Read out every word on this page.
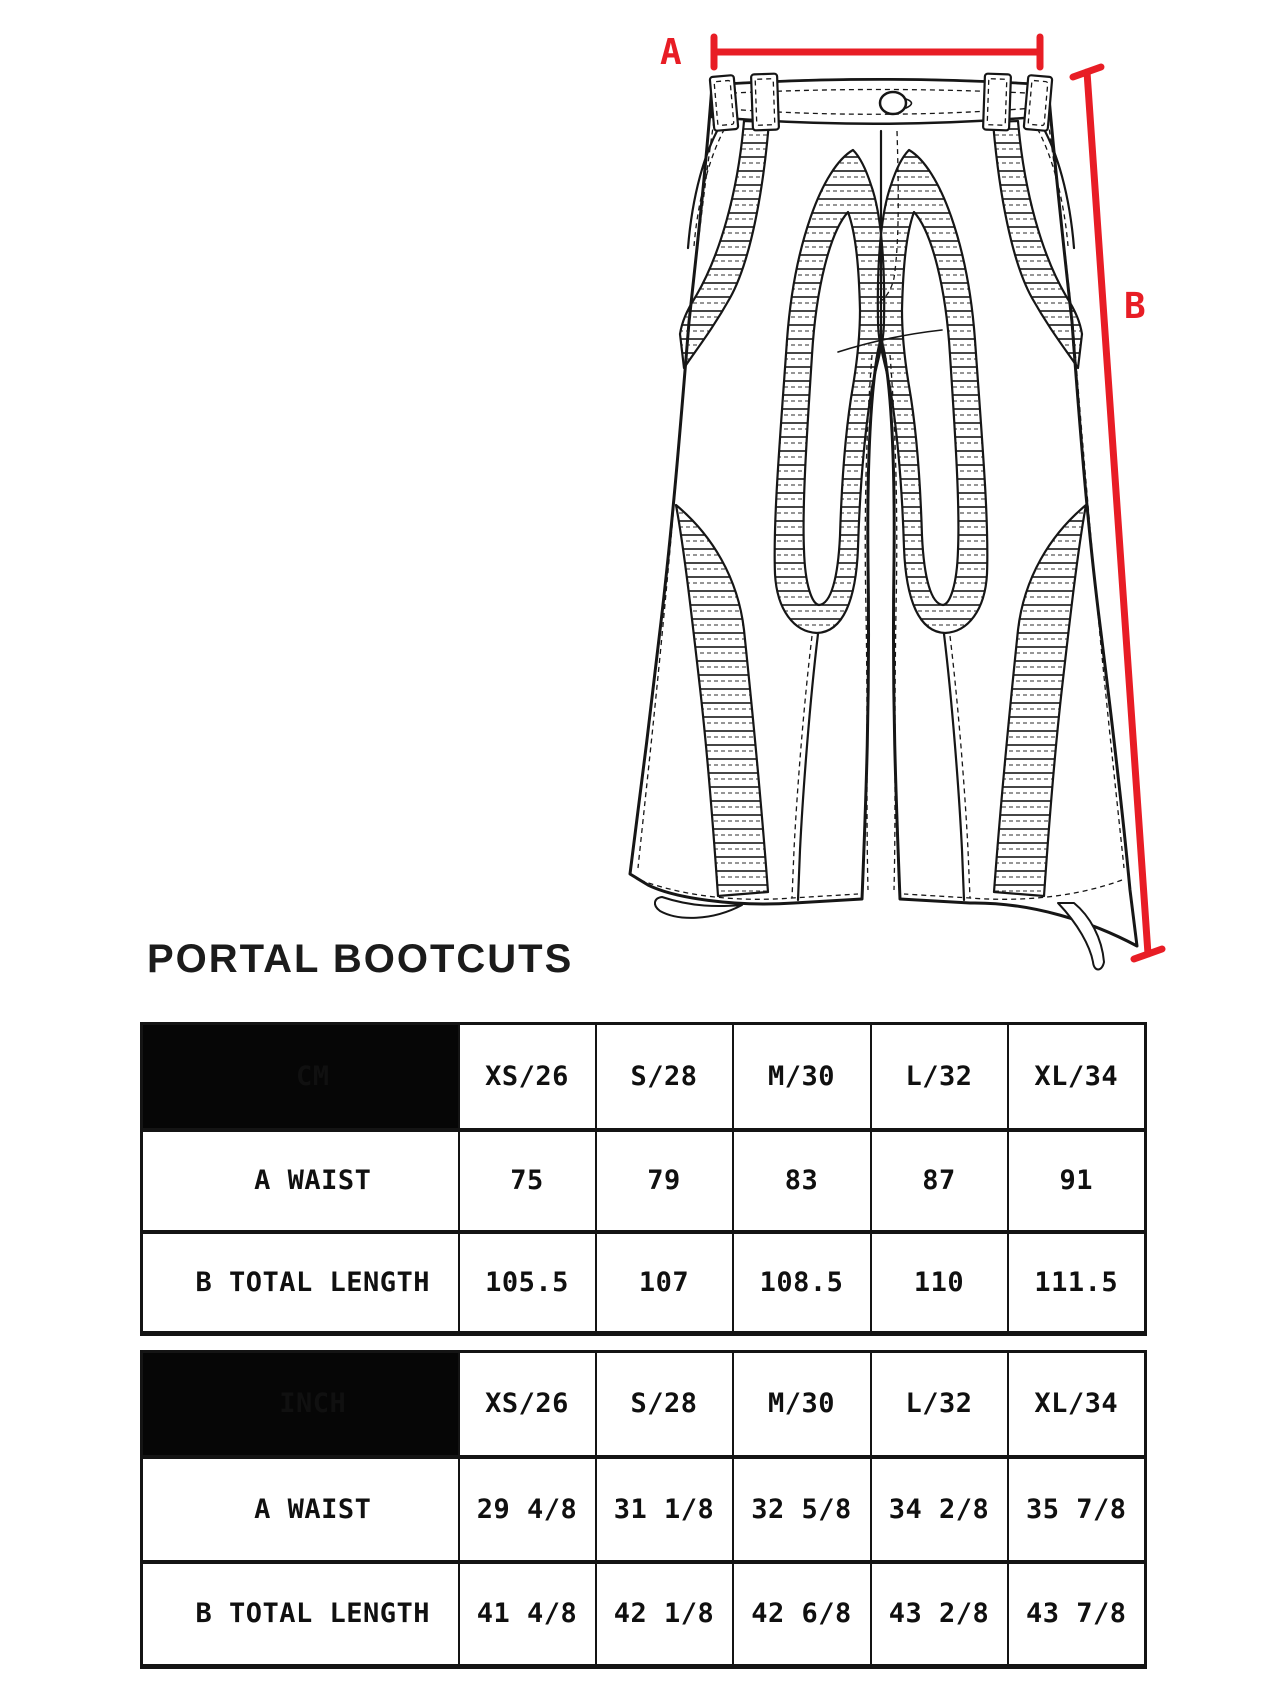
A
B
PORTAL BOOTCUTS
CM	XS/26	S/28	M/30	L/32	XL/34
A WAIST	75	79	83	87	91
B TOTAL LENGTH	105.5	107	108.5	110	111.5
INCH	XS/26	S/28	M/30	L/32	XL/34
A WAIST	29 4/8	31 1/8	32 5/8	34 2/8	35 7/8
B TOTAL LENGTH	41 4/8	42 1/8	42 6/8	43 2/8	43 7/8
